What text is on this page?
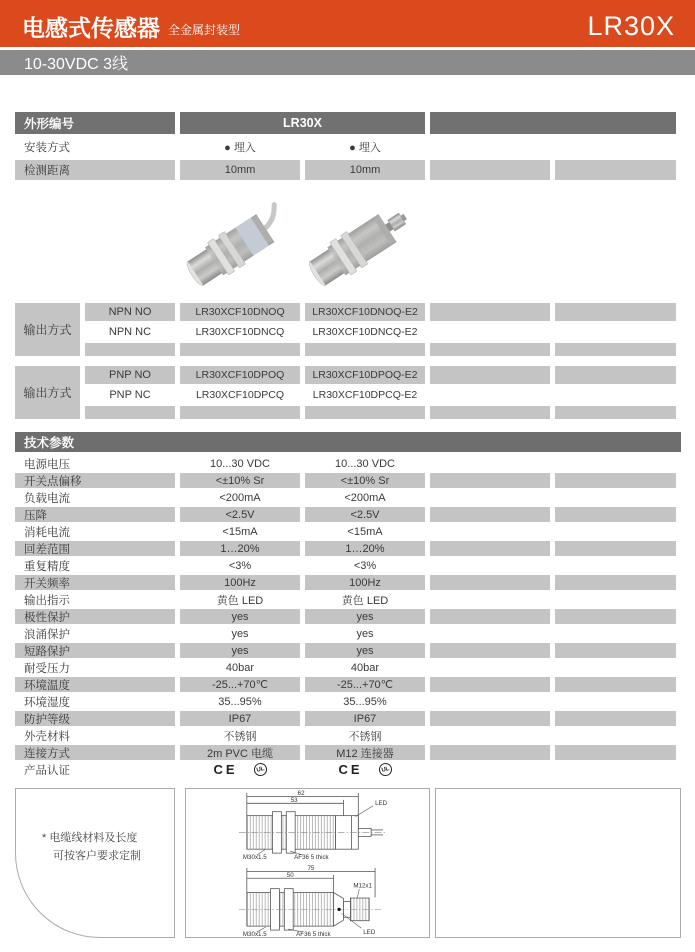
电感式传感器 全金属封装型	LR30X
10-30VDC 3线
外形编号	LR30X
安装方式	● 埋入	● 埋入
检测距离	10mm	10mm
输出方式
NPN NO	LR30XCF10DNOQ	LR30XCF10DNOQ-E2
NPN NC	LR30XCF10DNCQ	LR30XCF10DNCQ-E2
输出方式
PNP NO	LR30XCF10DPOQ	LR30XCF10DPOQ-E2
PNP NC	LR30XCF10DPCQ	LR30XCF10DPCQ-E2
技术参数
电源电压	10...30 VDC	10...30 VDC
开关点偏移	<±10% Sr	<±10% Sr
负载电流	<200mA	<200mA
压降	<2.5V	<2.5V
消耗电流	<15mA	<15mA
回差范围	1…20%	1…20%
重复精度	<3%	<3%
开关频率	100Hz	100Hz
输出指示	黄色 LED	黄色 LED
极性保护	yes	yes
浪涌保护	yes	yes
短路保护	yes	yes
耐受压力	40bar	40bar
环境温度	-25...+70℃	-25...+70℃
环境湿度	35...95%	35...95%
防护等级	IP67	IP67
外壳材料	不锈钢	不锈钢
连接方式	2m PVC 电缆	M12 连接器
产品认证	CE	UL	CE	UL
* 电缆线材料及长度
可按客户要求定制
62
53	LED
M30x1.5	AF36 5 thick
75
50
M12x1
LED
M30x1.5	AF36 5 thick
